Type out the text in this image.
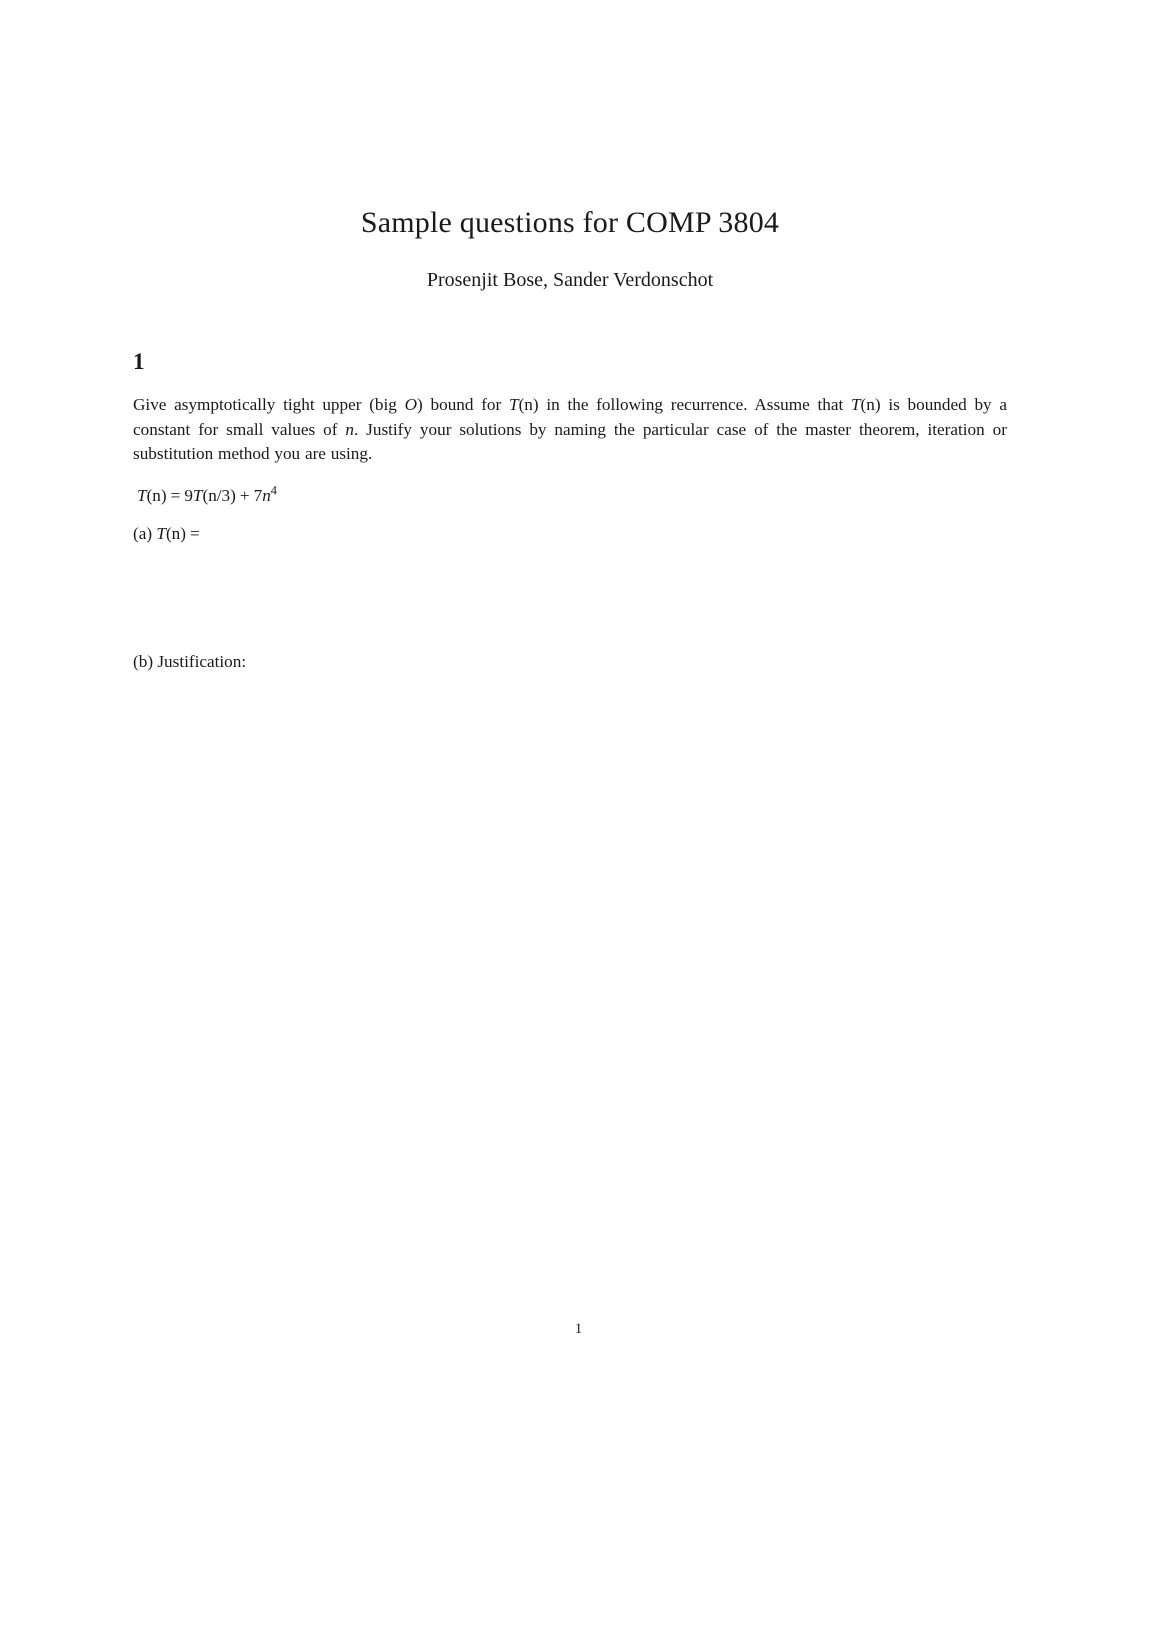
Sample questions for COMP 3804
Prosenjit Bose, Sander Verdonschot
1

Give asymptotically tight upper (big O) bound for T(n) in the following recurrence. Assume that T(n) is bounded by a constant for small values of n. Justify your solutions by naming the particular case of the master theorem, iteration or substitution method you are using.

$T(n) = 9T(n/3) + 7n^4$
(a) T(n) =
(b) Justification:
1
